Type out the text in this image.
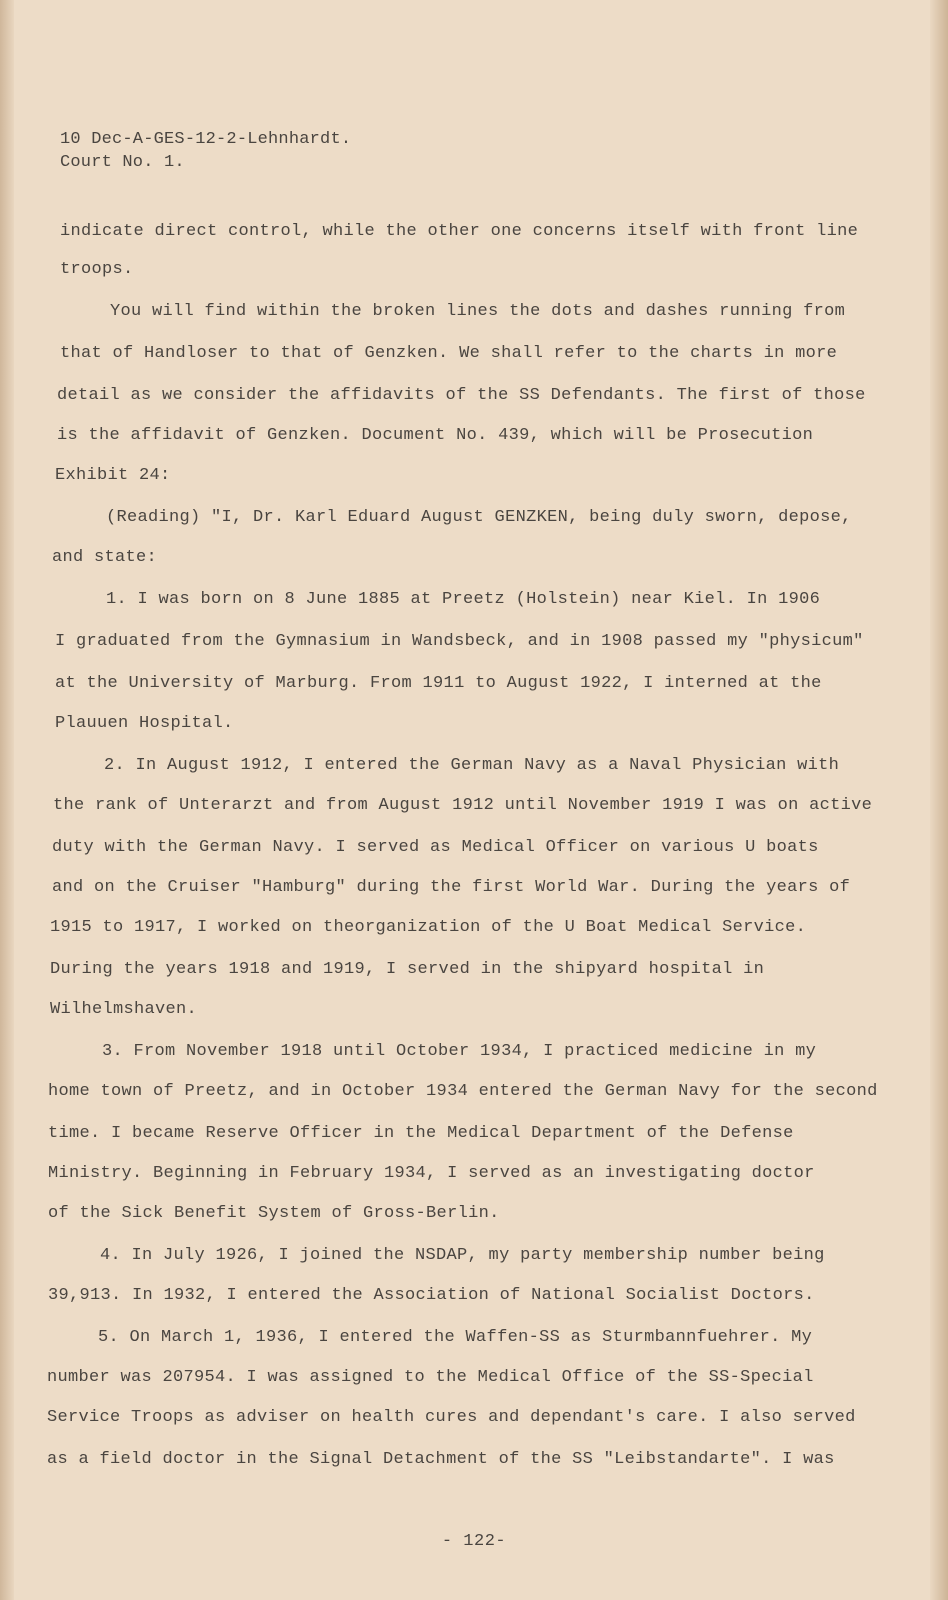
10 Dec-A-GES-12-2-Lehnhardt.
Court No. 1.
indicate direct control, while the other one concerns itself with front line
troops.
You will find within the broken lines the dots and dashes running from
that of Handloser to that of Genzken. We shall refer to the charts in more
detail as we consider the affidavits of the SS Defendants. The first of those
is the affidavit of Genzken. Document No. 439, which will be Prosecution
Exhibit 24:
(Reading) "I, Dr. Karl Eduard August GENZKEN, being duly sworn, depose,
and state:
1. I was born on 8 June 1885 at Preetz (Holstein) near Kiel. In 1906
I graduated from the Gymnasium in Wandsbeck, and in 1908 passed my "physicum"
at the University of Marburg. From 1911 to August 1922, I interned at the
Plauuen Hospital.
2. In August 1912, I entered the German Navy as a Naval Physician with
the rank of Unterarzt and from August 1912 until November 1919 I was on active
duty with the German Navy. I served as Medical Officer on various U boats
and on the Cruiser "Hamburg" during the first World War. During the years of
1915 to 1917, I worked on theorganization of the U Boat Medical Service.
During the years 1918 and 1919, I served in the shipyard hospital in
Wilhelmshaven.
3. From November 1918 until October 1934, I practiced medicine in my
home town of Preetz, and in October 1934 entered the German Navy for the second
time. I became Reserve Officer in the Medical Department of the Defense
Ministry. Beginning in February 1934, I served as an investigating doctor
of the Sick Benefit System of Gross-Berlin.
4. In July 1926, I joined the NSDAP, my party membership number being
39,913. In 1932, I entered the Association of National Socialist Doctors.
5. On March 1, 1936, I entered the Waffen-SS as Sturmbannfuehrer. My
number was 207954. I was assigned to the Medical Office of the SS-Special
Service Troops as adviser on health cures and dependant's care. I also served
as a field doctor in the Signal Detachment of the SS "Leibstandarte". I was
- 122-
